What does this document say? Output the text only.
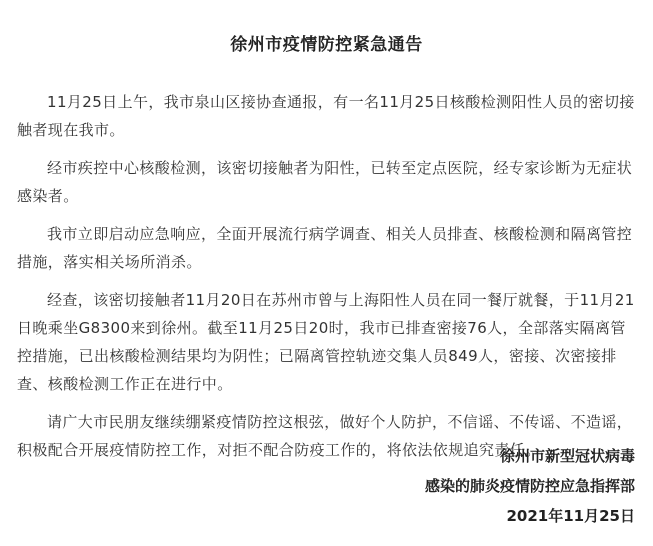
徐州市疫情防控紧急通告

11月25日上午，我市泉山区接协查通报，有一名11月25日核酸检测阳性人员的密切接触者现在我市。

经市疾控中心核酸检测，该密切接触者为阳性，已转至定点医院，经专家诊断为无症状感染者。

我市立即启动应急响应，全面开展流行病学调查、相关人员排查、核酸检测和隔离管控措施，落实相关场所消杀。

经查，该密切接触者11月20日在苏州市曾与上海阳性人员在同一餐厅就餐，于11月21日晚乘坐G8300来到徐州。截至11月25日20时，我市已排查密接76人，全部落实隔离管控措施，已出核酸检测结果均为阴性；已隔离管控轨迹交集人员849人，密接、次密接排查、核酸检测工作正在进行中。

请广大市民朋友继续绷紧疫情防控这根弦，做好个人防护，不信谣、不传谣、不造谣，积极配合开展疫情防控工作，对拒不配合防疫工作的，将依法依规追究责任。

徐州市新型冠状病毒
感染的肺炎疫情防控应急指挥部
2021年11月25日
